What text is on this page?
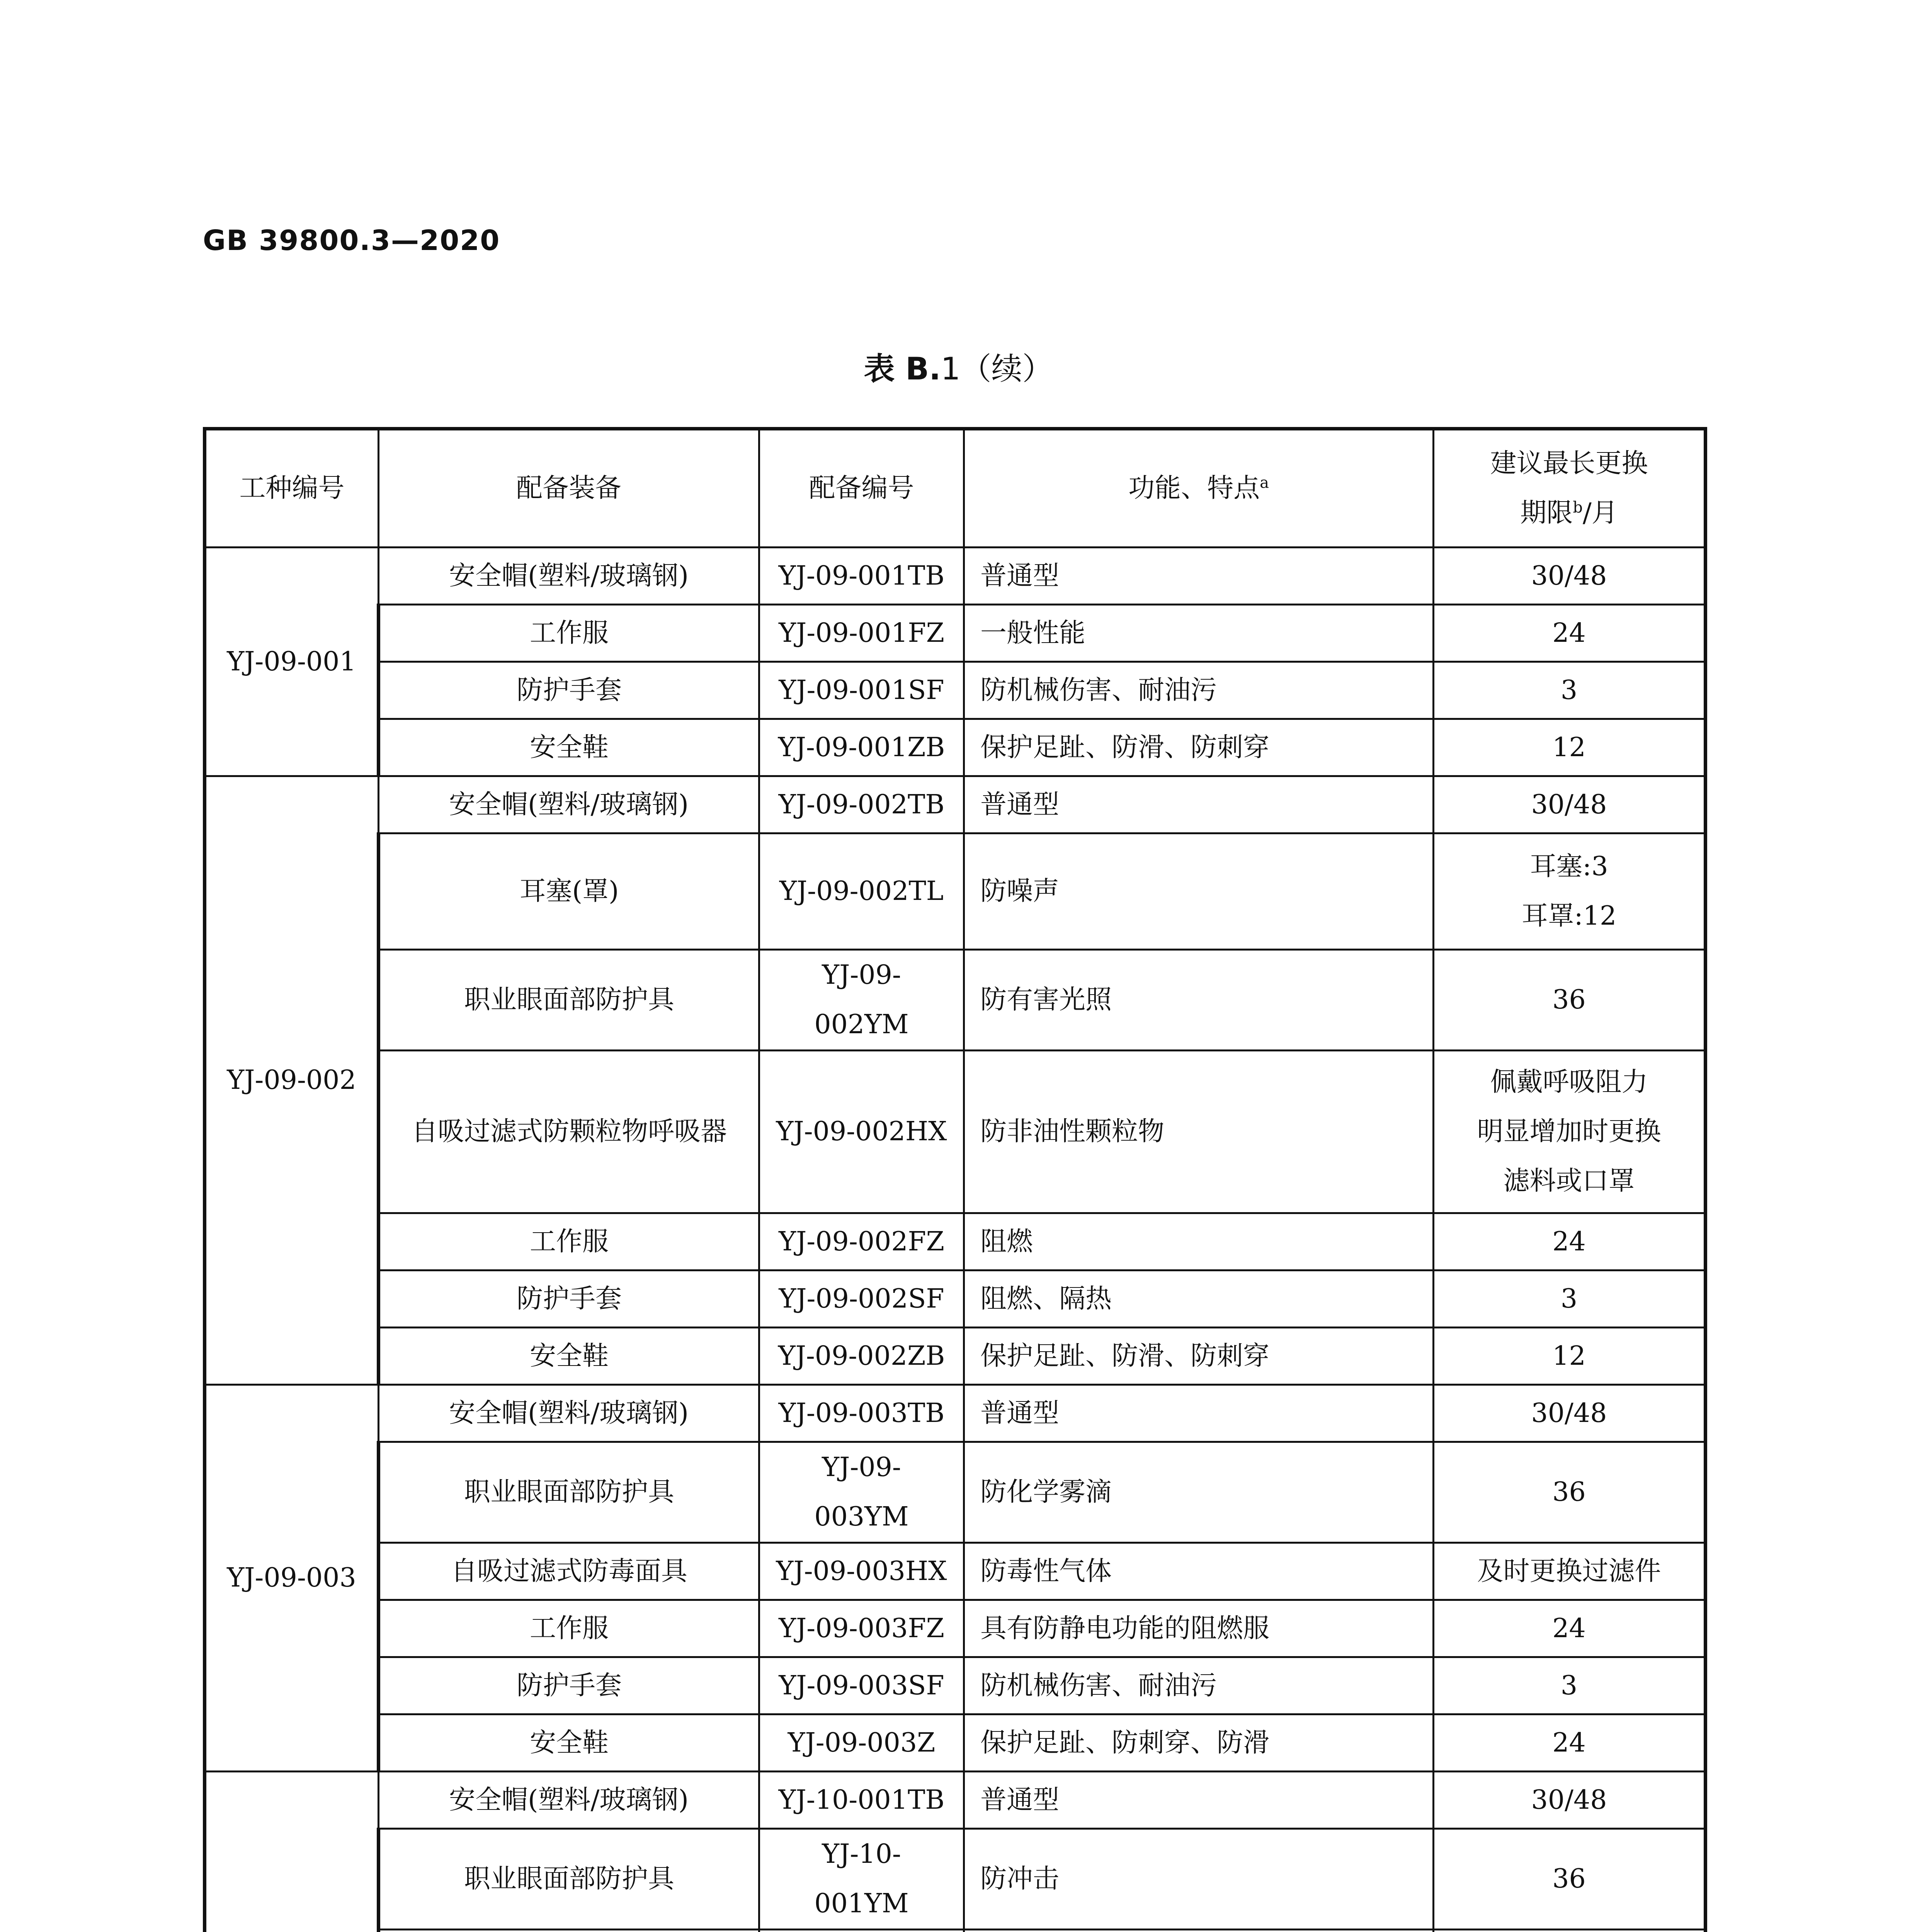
GB 39800.3—2020
表 B.1（续）
工种编号	配备装备	配备编号	功能、特点$^a$	建议最长更换
期限$^b$/月

YJ-09-001	安全帽(塑料/玻璃钢)	YJ-09-001TB	普通型	30/48

	工作服	YJ-09-001FZ	一般性能	24

	防护手套	YJ-09-001SF	防机械伤害、耐油污	3

	安全鞋	YJ-09-001ZB	保护足趾、防滑、防刺穿	12

YJ-09-002	安全帽(塑料/玻璃钢)	YJ-09-002TB	普通型	30/48

	耳塞(罩)	YJ-09-002TL	防噪声	耳塞:3
耳罩:12

	职业眼面部防护具	YJ-09-002YM	防有害光照	36

	自吸过滤式防颗粒物呼吸器	YJ-09-002HX	防非油性颗粒物	佩戴呼吸阻力
明显增加时更换
滤料或口罩

	工作服	YJ-09-002FZ	阻燃	24

	防护手套	YJ-09-002SF	阻燃、隔热	3

	安全鞋	YJ-09-002ZB	保护足趾、防滑、防刺穿	12

YJ-09-003	安全帽(塑料/玻璃钢)	YJ-09-003TB	普通型	30/48

	职业眼面部防护具	YJ-09-003YM	防化学雾滴	36

	自吸过滤式防毒面具	YJ-09-003HX	防毒性气体	及时更换过滤件

	工作服	YJ-09-003FZ	具有防静电功能的阻燃服	24

	防护手套	YJ-09-003SF	防机械伤害、耐油污	3

	安全鞋	YJ-09-003Z	保护足趾、防刺穿、防滑	24

	安全帽(塑料/玻璃钢)	YJ-10-001TB	普通型	30/48

	职业眼面部防护具	YJ-10-001YM	防冲击	36
